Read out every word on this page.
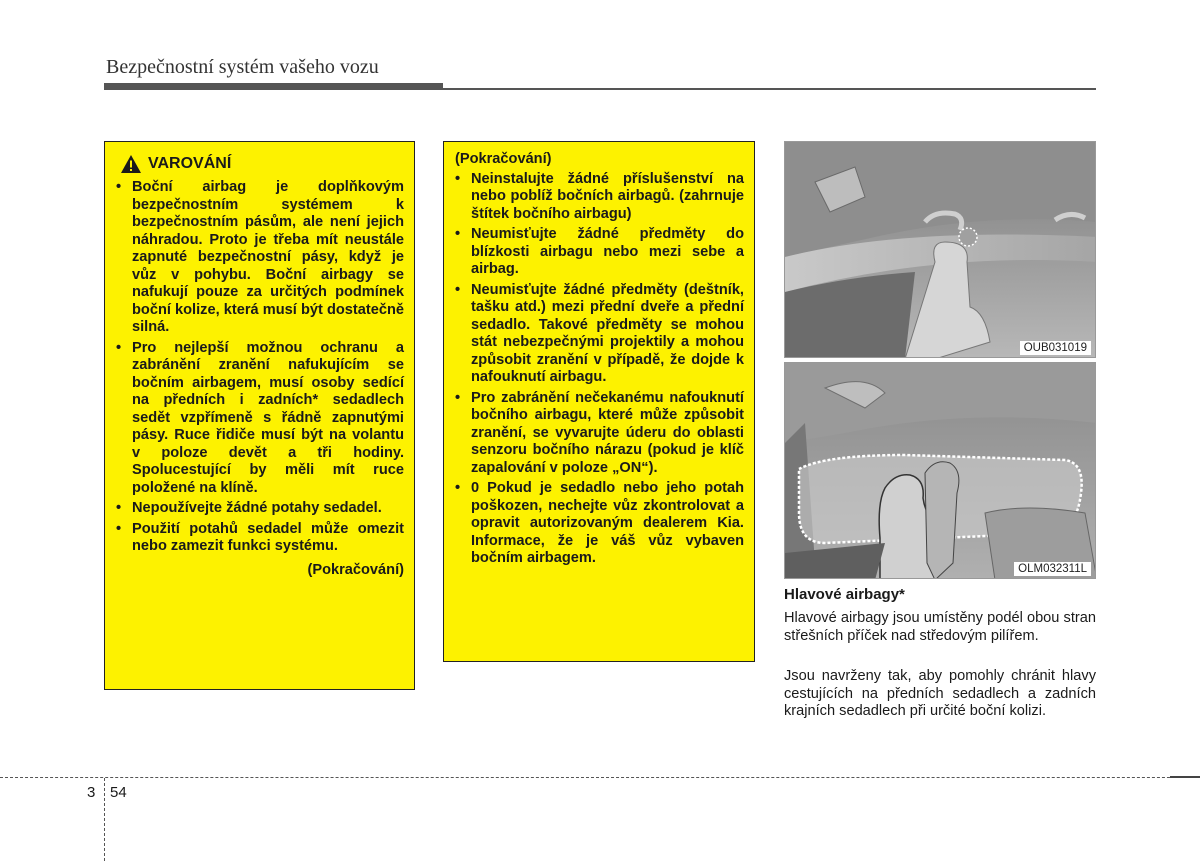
Bezpečnostní systém vašeho vozu
VAROVÁNÍ
• Boční airbag je doplňkovým bezpečnostním systémem k bezpečnostním pásům, ale není jejich náhradou. Proto je třeba mít neustále zapnuté bezpečnostní pásy, když je vůz v pohybu. Boční airbagy se nafukují pouze za určitých podmínek boční kolize, která musí být dostatečně silná.
• Pro nejlepší možnou ochranu a zabránění zranění nafukujícím se bočním airbagem, musí osoby sedící na předních i zadních* sedadlech sedět vzpřímeně s řádně zapnutými pásy. Ruce řidiče musí být na volantu v poloze devět a tři hodiny. Spolucestující by měli mít ruce položené na klíně.
• Nepoužívejte žádné potahy sedadel.
• Použití potahů sedadel může omezit nebo zamezit funkci systému.
(Pokračování)
(Pokračování)
• Neinstalujte žádné příslušenství na nebo poblíž bočních airbagů. (zahrnuje štítek bočního airbagu)
• Neumisťujte žádné předměty do blízkosti airbagu nebo mezi sebe a airbag.
• Neumisťujte žádné předměty (deštník, tašku atd.) mezi přední dveře a přední sedadlo. Takové předměty se mohou stát nebezpečnými projektily a mohou způsobit zranění v případě, že dojde k nafouknutí airbagu.
• Pro zabránění nečekanému nafouknutí bočního airbagu, které může způsobit zranění, se vyvarujte úderu do oblasti senzoru bočního nárazu (pokud je klíč zapalování v poloze „ON“).
• 0 Pokud je sedadlo nebo jeho potah poškozen, nechejte vůz zkontrolovat a opravit autorizovaným dealerem Kia. Informace, že je váš vůz vybaven bočním airbagem.
OUB031019
OLM032311L
Hlavové airbagy*
Hlavové airbagy jsou umístěny podél obou stran střešních příček nad středovým pilířem.
Jsou navrženy tak, aby pomohly chránit hlavy cestujících na předních sedadlech a zadních krajních sedadlech při určité boční kolizi.
3 54
